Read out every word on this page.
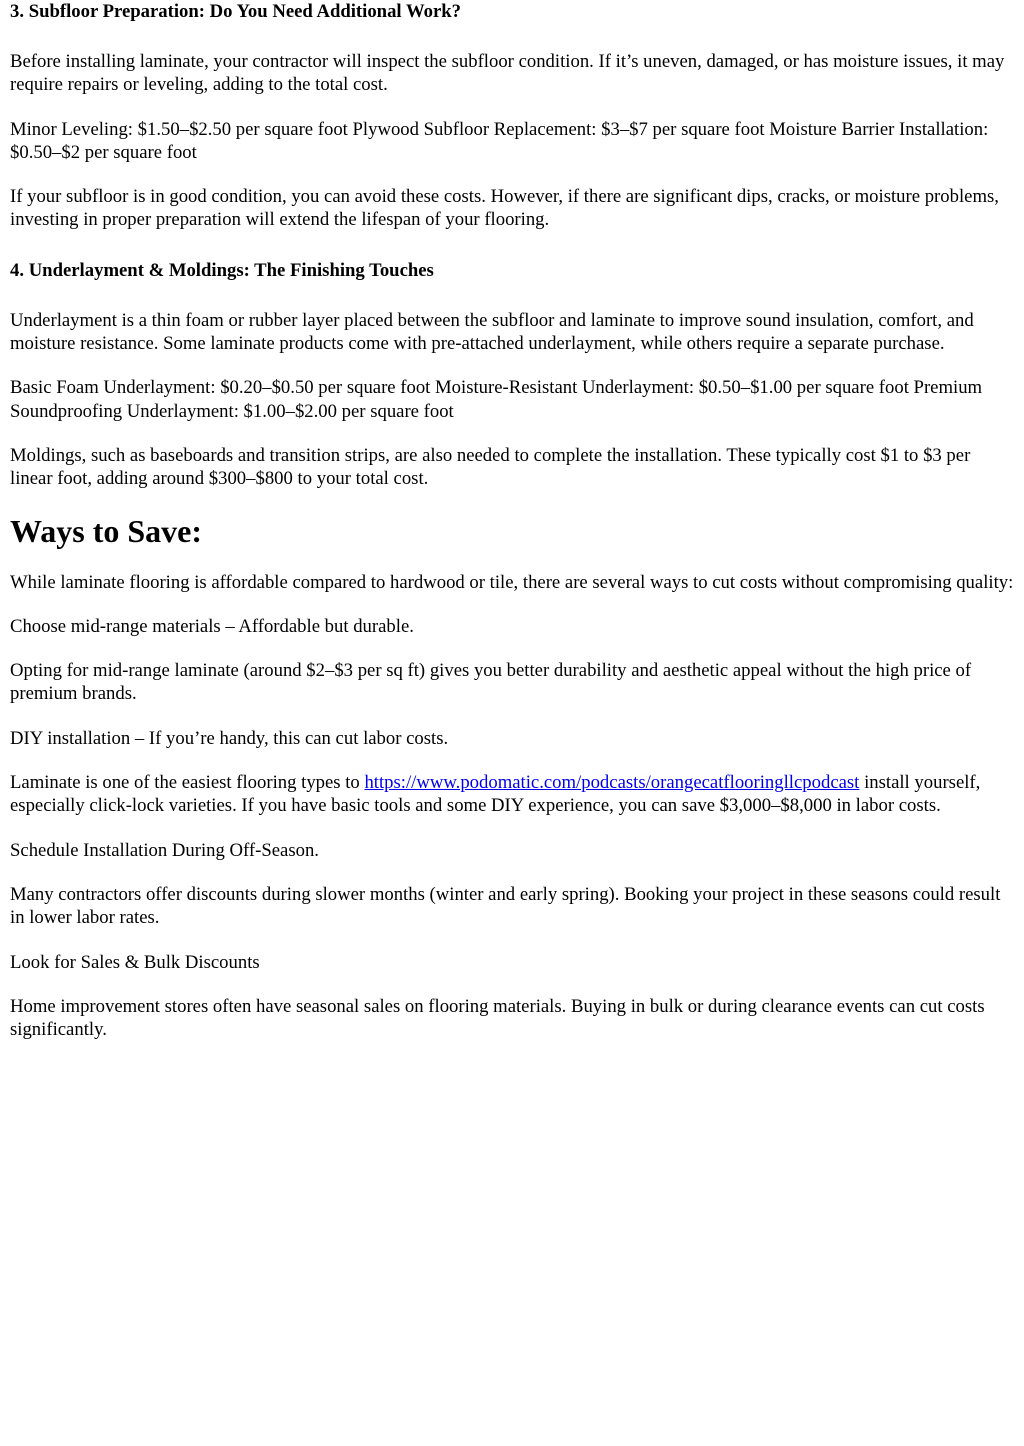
3. Subfloor Preparation: Do You Need Additional Work?

Before installing laminate, your contractor will inspect the subfloor condition. If it’s uneven, damaged, or has moisture issues, it may require repairs or leveling, adding to the total cost.

Minor Leveling: $1.50–$2.50 per square foot Plywood Subfloor Replacement: $3–$7 per square foot Moisture Barrier Installation: $0.50–$2 per square foot

If your subfloor is in good condition, you can avoid these costs. However, if there are significant dips, cracks, or moisture problems, investing in proper preparation will extend the lifespan of your flooring.

4. Underlayment & Moldings: The Finishing Touches

Underlayment is a thin foam or rubber layer placed between the subfloor and laminate to improve sound insulation, comfort, and moisture resistance. Some laminate products come with pre-attached underlayment, while others require a separate purchase.

Basic Foam Underlayment: $0.20–$0.50 per square foot Moisture-Resistant Underlayment: $0.50–$1.00 per square foot Premium Soundproofing Underlayment: $1.00–$2.00 per square foot

Moldings, such as baseboards and transition strips, are also needed to complete the installation. These typically cost $1 to $3 per linear foot, adding around $300–$800 to your total cost.

Ways to Save:

While laminate flooring is affordable compared to hardwood or tile, there are several ways to cut costs without compromising quality:

Choose mid-range materials – Affordable but durable.

Opting for mid-range laminate (around $2–$3 per sq ft) gives you better durability and aesthetic appeal without the high price of premium brands.

DIY installation – If you’re handy, this can cut labor costs.

Laminate is one of the easiest flooring types to https://www.podomatic.com/podcasts/orangecatflooringllcpodcast install yourself, especially click-lock varieties. If you have basic tools and some DIY experience, you can save $3,000–$8,000 in labor costs.

Schedule Installation During Off-Season.

Many contractors offer discounts during slower months (winter and early spring). Booking your project in these seasons could result in lower labor rates.

Look for Sales & Bulk Discounts

Home improvement stores often have seasonal sales on flooring materials. Buying in bulk or during clearance events can cut costs significantly.
